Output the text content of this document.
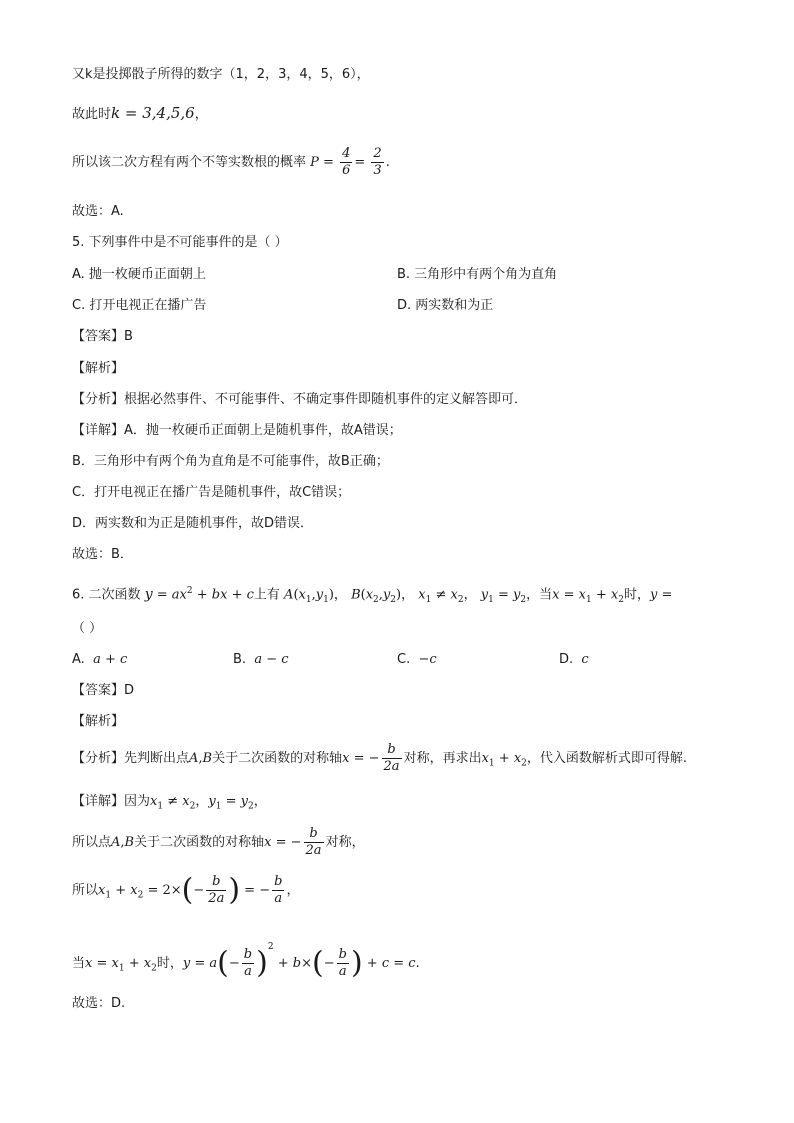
又k是投掷骰子所得的数字（1，2，3，4，5，6），
故此时k = 3,4,5,6，
所以该二次方程有两个不等实数根的概率 $P = \frac{4}{6} = \frac{2}{3}$ .
故选：A.
5. 下列事件中是不可能事件的是（ ）
A. 抛一枚硬币正面朝上	B. 三角形中有两个角为直角
C. 打开电视正在播广告	D. 两实数和为正
【答案】B
【解析】
【分析】根据必然事件、不可能事件、不确定事件即随机事件的定义解答即可．
【详解】A．抛一枚硬币正面朝上是随机事件，故A错误；
B．三角形中有两个角为直角是不可能事件，故B正确；
C．打开电视正在播广告是随机事件，故C错误；
D．两实数和为正是随机事件，故D错误．
故选：B．
6. 二次函数 $y = ax^2$ + bx + c上有 $A(x_1,y_1)$， $B(x_2,y_2)$， $x_1 \ne x_2$， $y_1 = y_2$，当$x = x_1 + x_2$时，y =
（ ）
A. a + c	B. a − c	C. −c	D. c
【答案】D
【解析】
【分析】先判断出点A,B关于二次函数的对称轴x = − $\frac{b}{2a}$ 对称，再求出$x_1 + x_2$，代入函数解析式即可得解.
【详解】因为$x_1 \ne x_2$，$y_1 = y_2$，
所以点A,B关于二次函数的对称轴x = − $\frac{b}{2a}$ 对称，
所以$x_1 + x_2 = 2\times(- \frac{b}{2a}$ ) = − $\frac{b}{a}$ ，
当$x = x_1 + x_2$时，$y = a(- \frac{b}{a} )^2 + b\times(- \frac{b}{a}$ ) + c = c.
故选：D.
